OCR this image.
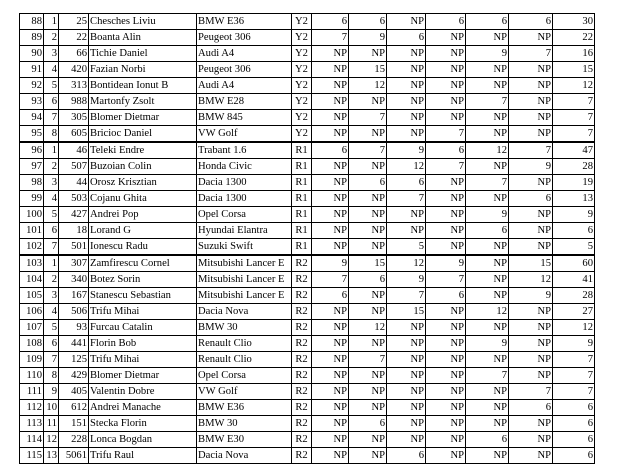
88	1	25	Chesches Liviu	BMW E36	Y2	6	6	NP	6	6	6	30
89	2	22	Boanta Alin	Peugeot 306	Y2	7	9	6	NP	NP	NP	22
90	3	66	Tichie Daniel	Audi A4	Y2	NP	NP	NP	NP	9	7	16
91	4	420	Fazian Norbi	Peugeot 306	Y2	NP	15	NP	NP	NP	NP	15
92	5	313	Bontidean Ionut B	Audi A4	Y2	NP	12	NP	NP	NP	NP	12
93	6	988	Martonfy Zsolt	BMW E28	Y2	NP	NP	NP	NP	7	NP	7
94	7	305	Blomer Dietmar	BMW 845	Y2	NP	7	NP	NP	NP	NP	7
95	8	605	Bricioc Daniel	VW Golf	Y2	NP	NP	NP	7	NP	NP	7
96	1	46	Teleki Endre	Trabant 1.6	R1	6	7	9	6	12	7	47
97	2	507	Buzoian Colin	Honda Civic	R1	NP	NP	12	7	NP	9	28
98	3	44	Orosz Krisztian	Dacia 1300	R1	NP	6	6	NP	7	NP	19
99	4	503	Cojanu Ghita	Dacia 1300	R1	NP	NP	7	NP	NP	6	13
100	5	427	Andrei Pop	Opel Corsa	R1	NP	NP	NP	NP	9	NP	9
101	6	18	Lorand G	Hyundai Elantra	R1	NP	NP	NP	NP	6	NP	6
102	7	501	Ionescu Radu	Suzuki Swift	R1	NP	NP	5	NP	NP	NP	5
103	1	307	Zamfirescu Cornel	Mitsubishi Lancer E	R2	9	15	12	9	NP	15	60
104	2	340	Botez Sorin	Mitsubishi Lancer E	R2	7	6	9	7	NP	12	41
105	3	167	Stanescu Sebastian	Mitsubishi Lancer E	R2	6	NP	7	6	NP	9	28
106	4	506	Trifu Mihai	Dacia Nova	R2	NP	NP	15	NP	12	NP	27
107	5	93	Furcau Catalin	BMW 30	R2	NP	12	NP	NP	NP	NP	12
108	6	441	Florin Bob	Renault Clio	R2	NP	NP	NP	NP	9	NP	9
109	7	125	Trifu Mihai	Renault Clio	R2	NP	7	NP	NP	NP	NP	7
110	8	429	Blomer Dietmar	Opel Corsa	R2	NP	NP	NP	NP	7	NP	7
111	9	405	Valentin Dobre	VW Golf	R2	NP	NP	NP	NP	NP	7	7
112	10	612	Andrei Manache	BMW E36	R2	NP	NP	NP	NP	NP	6	6
113	11	151	Stecka Florin	BMW 30	R2	NP	6	NP	NP	NP	NP	6
114	12	228	Lonca Bogdan	BMW E30	R2	NP	NP	NP	NP	6	NP	6
115	13	5061	Trifu Raul	Dacia Nova	R2	NP	NP	6	NP	NP	NP	6
